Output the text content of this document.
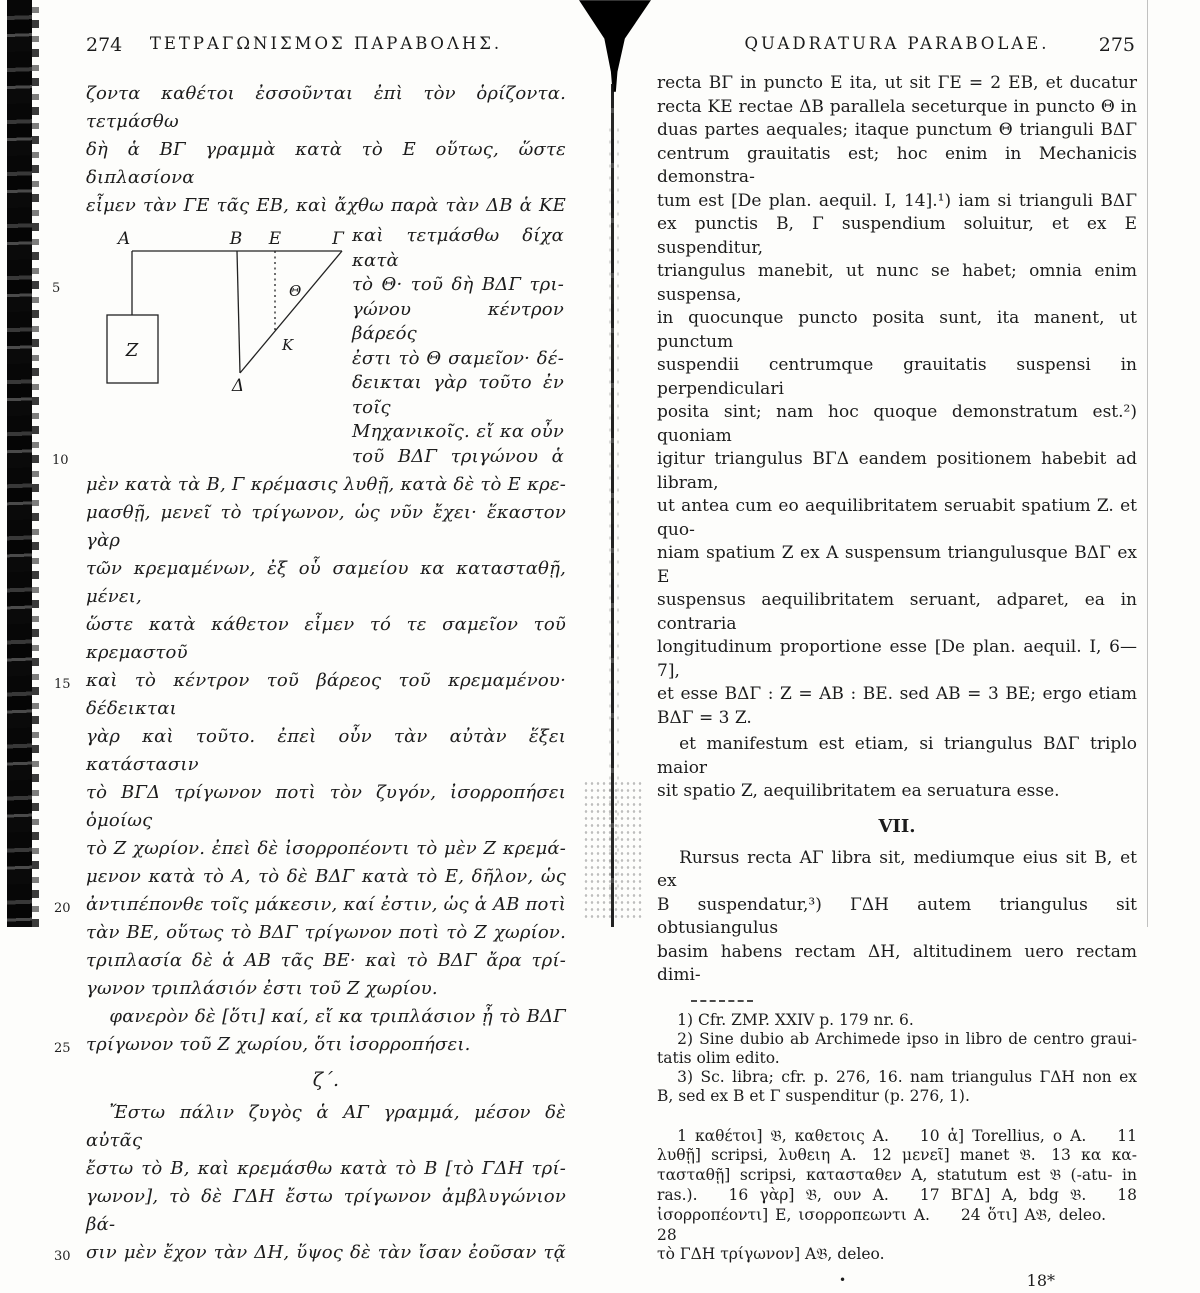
274	ΤΕΤΡΑΓΩΝΙΣΜΟΣ ΠΑΡΑΒΟΛΗΣ.
ζοντα καθέτοι ἐσσοῦνται ἐπὶ τὸν ὁρίζοντα. τετμάσθω
δὴ ἁ ΒΓ γραμμὰ κατὰ τὸ Ε οὕτως, ὥστε διπλασίονα
εἶμεν τὰν ΓΕ τᾶς ΕΒ, καὶ ἄχθω παρὰ τὰν ΔΒ ἁ ΚΕ
A	B E	Γ
Θ
K
Z
Δ
καὶ τετμάσθω δίχα κατὰ
τὸ Θ· τοῦ δὴ ΒΔΓ τρι-
5
γώνου κέντρον βάρεός
ἐστι τὸ Θ σαμεῖον· δέ-
δεικται γὰρ τοῦτο ἐν τοῖς
Μηχανικοῖς. εἴ κα οὖν
τοῦ ΒΔΓ τριγώνου ἁ
10
μὲν κατὰ τὰ Β, Γ κρέμασις λυθῇ, κατὰ δὲ τὸ Ε κρε-
μασθῇ, μενεῖ τὸ τρίγωνον, ὡς νῦν ἔχει· ἕκαστον γὰρ
τῶν κρεμαμένων, ἐξ οὗ σαμείου κα κατασταθῇ, μένει,
ὥστε κατὰ κάθετον εἶμεν τό τε σαμεῖον τοῦ κρεμαστοῦ
καὶ τὸ κέντρον τοῦ βάρεος τοῦ κρεμαμένου· δέδεικται
15
γὰρ καὶ τοῦτο. ἐπεὶ οὖν τὰν αὐτὰν ἕξει κατάστασιν
τὸ ΒΓΔ τρίγωνον ποτὶ τὸν ζυγόν, ἰσορροπήσει ὁμοίως
τὸ Ζ χωρίον. ἐπεὶ δὲ ἰσορροπέοντι τὸ μὲν Ζ κρεμά-
μενον κατὰ τὸ Α, τὸ δὲ ΒΔΓ κατὰ τὸ Ε, δῆλον, ὡς
ἀντιπέπονθε τοῖς μάκεσιν, καί ἐστιν, ὡς ἁ ΑΒ ποτὶ
20
τὰν ΒΕ, οὕτως τὸ ΒΔΓ τρίγωνον ποτὶ τὸ Ζ χωρίον.
τριπλασία δὲ ἁ ΑΒ τᾶς ΒΕ· καὶ τὸ ΒΔΓ ἄρα τρί-
γωνον τριπλάσιόν ἐστι τοῦ Ζ χωρίου.
φανερὸν δὲ [ὅτι] καί, εἴ κα τριπλάσιον ᾖ τὸ ΒΔΓ
τρίγωνον τοῦ Ζ χωρίου, ὅτι ἰσορροπήσει.
25
ζ΄.
Ἔστω πάλιν ζυγὸς ἁ ΑΓ γραμμά, μέσον δὲ αὐτᾶς
ἔστω τὸ Β, καὶ κρεμάσθω κατὰ τὸ Β [τὸ ΓΔΗ τρί-
γωνον], τὸ δὲ ΓΔΗ ἔστω τρίγωνον ἀμβλυγώνιον βά-
σιν μὲν ἔχον τὰν ΔΗ, ὕψος δὲ τὰν ἴσαν ἐοῦσαν τᾷ
30
QUADRATURA PARABOLAE.	275
recta BΓ in puncto E ita, ut sit ΓE = 2 EB, et ducatur
recta KE rectae ΔB parallela seceturque in puncto Θ in
duas partes aequales; itaque punctum Θ trianguli BΔΓ
centrum grauitatis est; hoc enim in Mechanicis demonstra-
tum est [De plan. aequil. I, 14].¹) iam si trianguli BΔΓ
ex punctis B, Γ suspendium soluitur, et ex E suspenditur,
triangulus manebit, ut nunc se habet; omnia enim suspensa,
in quocunque puncto posita sunt, ita manent, ut punctum
suspendii centrumque grauitatis suspensi in perpendiculari
posita sint; nam hoc quoque demonstratum est.²) quoniam
igitur triangulus BΓΔ eandem positionem habebit ad libram,
ut antea cum eo aequilibritatem seruabit spatium Z. et quo-
niam spatium Z ex A suspensum triangulusque BΔΓ ex E
suspensus aequilibritatem seruant, adparet, ea in contraria
longitudinum proportione esse [De plan. aequil. I, 6—7],
et esse BΔΓ : Z = AB : BE. sed AB = 3 BE; ergo etiam
BΔΓ = 3 Z.
et manifestum est etiam, si triangulus BΔΓ triplo maior
sit spatio Z, aequilibritatem ea seruatura esse.
VII.
Rursus recta AΓ libra sit, mediumque eius sit B, et ex
B suspendatur,³) ΓΔH autem triangulus sit obtusiangulus
basim habens rectam ΔH, altitudinem uero rectam dimi-
1) Cfr. ZMP. XXIV p. 179 nr. 6.
2) Sine dubio ab Archimede ipso in libro de centro graui-
tatis olim edito.
3) Sc. libra; cfr. p. 276, 16. nam triangulus ΓΔH non ex
B, sed ex B et Γ suspenditur (p. 276, 1).
1 καθέτοι] 𝔅, καθετοις A.  10 ἁ] Torellius, ο A.  11
λυθῇ] scripsi, λυθειη A. 12 μενεῖ] manet 𝔅. 13 κα κα-
τασταθῇ] scripsi, κατασταθεν A, statutum est 𝔅 (-atu- in
ras.).  16 γὰρ] 𝔅, ουν A.  17 ΒΓΔ] A, bdg 𝔅.  18
ἰσορροπέοντι] E, ισορροπεωντι A.  24 ὅτι] A𝔅, deleo.  28
τὸ ΓΔΗ τρίγωνον] A𝔅, deleo.
•	18*
